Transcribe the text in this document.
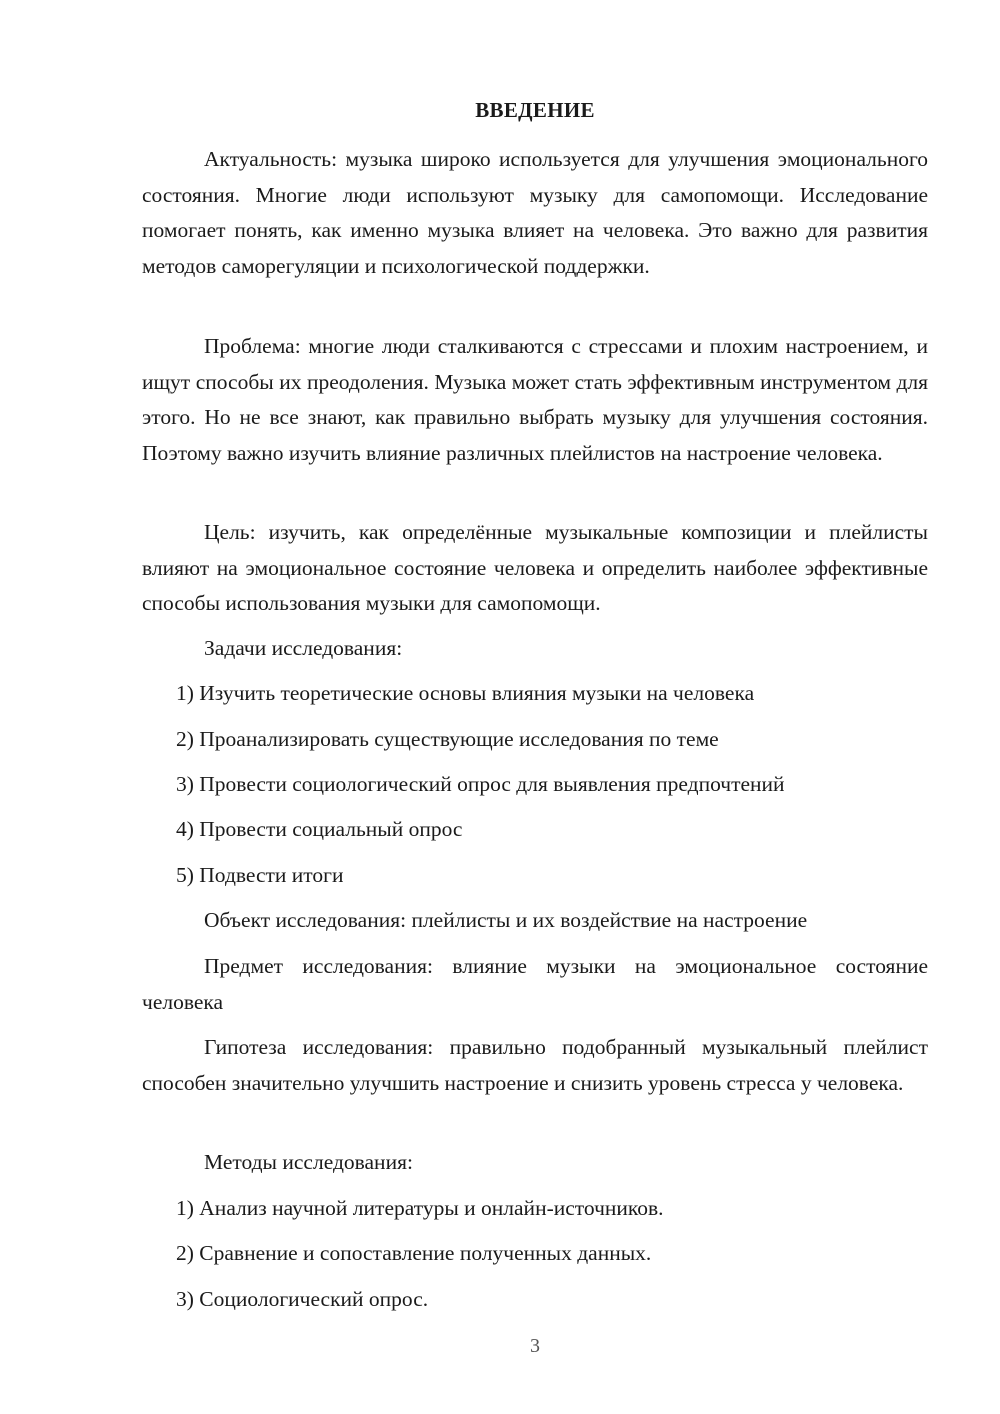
ВВЕДЕНИЕ

Актуальность: музыка широко используется для улучшения эмоционального состояния. Многие люди используют музыку для самопомощи. Исследование помогает понять, как именно музыка влияет на человека. Это важно для развития методов саморегуляции и психологической поддержки.

Проблема: многие люди сталкиваются с стрессами и плохим настроением, и ищут способы их преодоления. Музыка может стать эффективным инструментом для этого. Но не все знают, как правильно выбрать музыку для улучшения состояния. Поэтому важно изучить влияние различных плейлистов на настроение человека.

Цель: изучить, как определённые музыкальные композиции и плейлисты влияют на эмоциональное состояние человека и определить наиболее эффективные способы использования музыки для самопомощи.

Задачи исследования:

1) Изучить теоретические основы влияния музыки на человека

2) Проанализировать существующие исследования по теме

3) Провести социологический опрос для выявления предпочтений

4) Провести социальный опрос

5) Подвести итоги

Объект исследования: плейлисты и их воздействие на настроение

Предмет исследования: влияние музыки на эмоциональное состояние человека

Гипотеза исследования: правильно подобранный музыкальный плейлист способен значительно улучшить настроение и снизить уровень стресса у человека.

Методы исследования:

1) Анализ научной литературы и онлайн-источников.

2) Сравнение и сопоставление полученных данных.

3) Социологический опрос.

3
